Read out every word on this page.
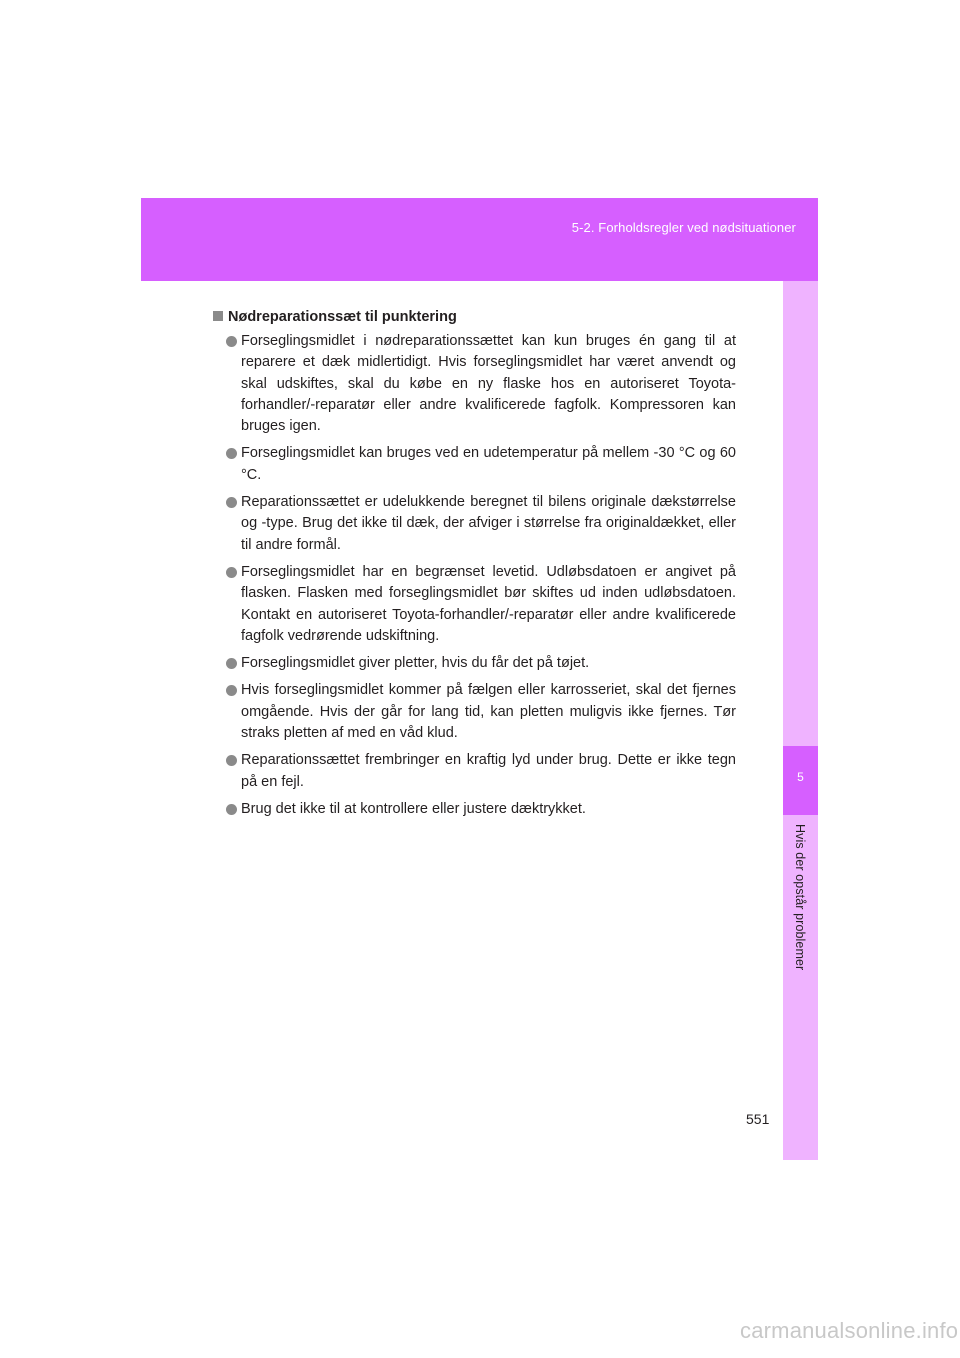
5-2. Forholdsregler ved nødsituationer
5
Hvis der opstår problemer
Nødreparationssæt til punktering
Forseglingsmidlet i nødreparationssættet kan kun bruges én gang til at reparere et dæk midlertidigt. Hvis forseglingsmidlet har været anvendt og skal udskiftes, skal du købe en ny flaske hos en autoriseret Toyota-forhandler/-reparatør eller andre kvalificerede fagfolk. Kompressoren kan bruges igen.
Forseglingsmidlet kan bruges ved en udetemperatur på mellem -30 °C og 60 °C.
Reparationssættet er udelukkende beregnet til bilens originale dækstørrelse og -type. Brug det ikke til dæk, der afviger i størrelse fra originaldækket, eller til andre formål.
Forseglingsmidlet har en begrænset levetid. Udløbsdatoen er angivet på flasken. Flasken med forseglingsmidlet bør skiftes ud inden udløbsdatoen. Kontakt en autoriseret Toyota-forhandler/-reparatør eller andre kvalificerede fagfolk vedrørende udskiftning.
Forseglingsmidlet giver pletter, hvis du får det på tøjet.
Hvis forseglingsmidlet kommer på fælgen eller karrosseriet, skal det fjernes omgående. Hvis der går for lang tid, kan pletten muligvis ikke fjernes. Tør straks pletten af med en våd klud.
Reparationssættet frembringer en kraftig lyd under brug. Dette er ikke tegn på en fejl.
Brug det ikke til at kontrollere eller justere dæktrykket.
551
carmanualsonline.info
